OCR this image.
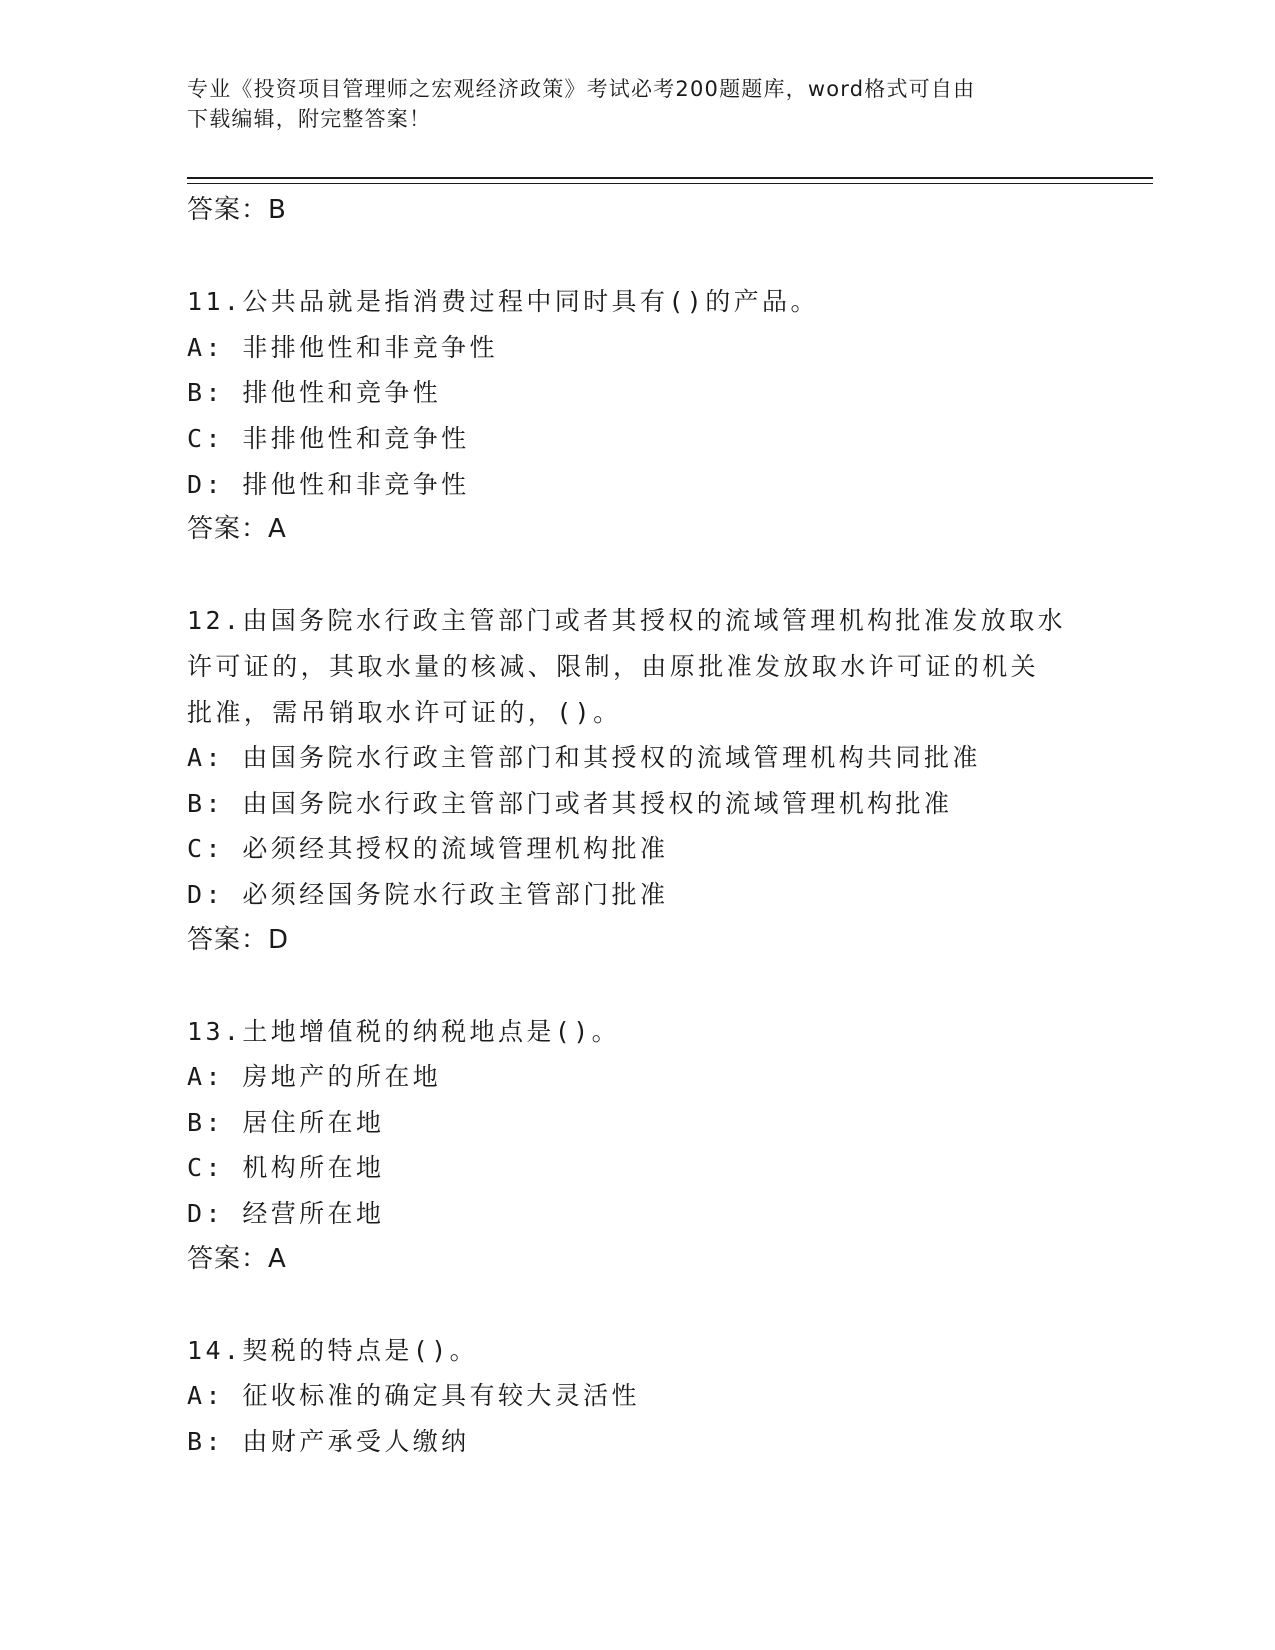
专业《投资项目管理师之宏观经济政策》考试必考200题题库，word格式可自由
下载编辑，附完整答案！
答案：B
11.公共品就是指消费过程中同时具有()的产品。
A: 非排他性和非竞争性
B: 排他性和竞争性
C: 非排他性和竞争性
D: 排他性和非竞争性
答案：A
12.由国务院水行政主管部门或者其授权的流域管理机构批准发放取水
许可证的，其取水量的核减、限制，由原批准发放取水许可证的机关
批准，需吊销取水许可证的，()。
A: 由国务院水行政主管部门和其授权的流域管理机构共同批准
B: 由国务院水行政主管部门或者其授权的流域管理机构批准
C: 必须经其授权的流域管理机构批准
D: 必须经国务院水行政主管部门批准
答案：D
13.土地增值税的纳税地点是()。
A: 房地产的所在地
B: 居住所在地
C: 机构所在地
D: 经营所在地
答案：A
14.契税的特点是()。
A: 征收标准的确定具有较大灵活性
B: 由财产承受人缴纳
